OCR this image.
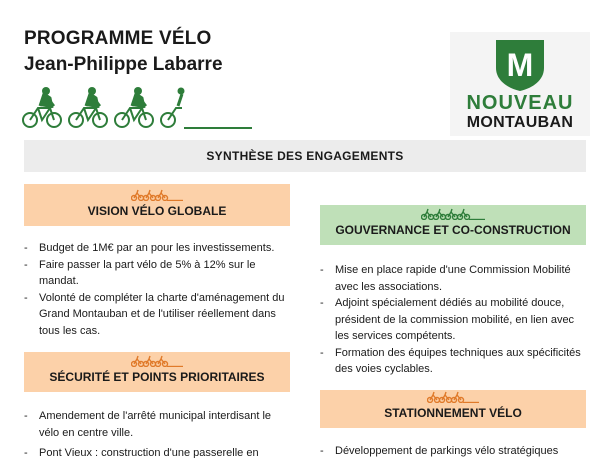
PROGRAMME VÉLO
Jean-Philippe Labarre	M
NOUVEAU
MONTAUBAN
SYNTHÈSE DES ENGAGEMENTS
VISION VÉLO GLOBALE
- Budget de 1M€ par an pour les investissements.
- Faire passer la part vélo de 5% à 12% sur le mandat.
- Volonté de compléter la charte d'aménagement du Grand Montauban et de l'utiliser réellement dans tous les cas.
GOUVERNANCE ET CO-CONSTRUCTION
- Mise en place rapide d'une Commission Mobilité avec les associations.
- Adjoint spécialement dédiés au mobilité douce, président de la commission mobilité, en lien avec les services compétents.
- Formation des équipes techniques aux spécificités des voies cyclables.
SÉCURITÉ ET POINTS PRIORITAIRES
- Amendement de l'arrêté municipal interdisant le vélo en centre ville.
- Pont Vieux : construction d'une passerelle en
STATIONNEMENT VÉLO
- Développement de parkings vélo stratégiques
